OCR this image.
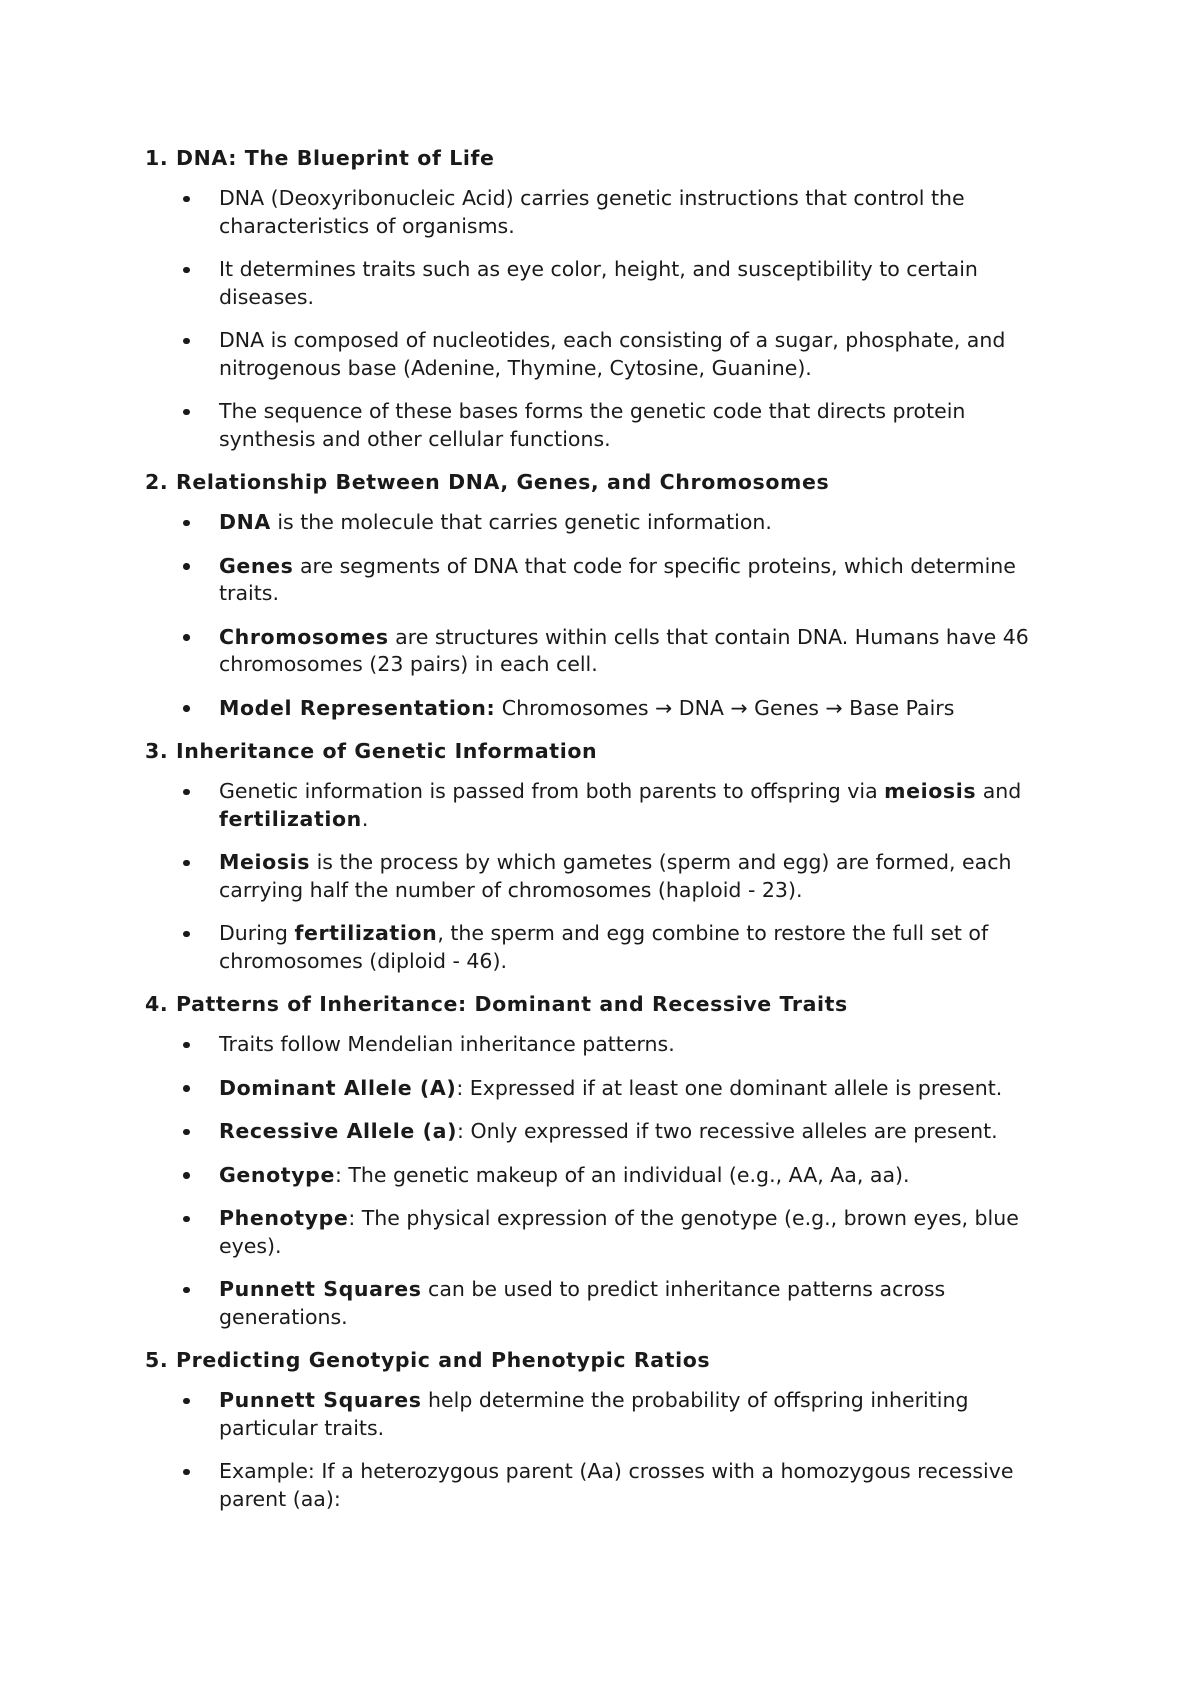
1. DNA: The Blueprint of Life
DNA (Deoxyribonucleic Acid) carries genetic instructions that control the characteristics of organisms.
It determines traits such as eye color, height, and susceptibility to certain diseases.
DNA is composed of nucleotides, each consisting of a sugar, phosphate, and nitrogenous base (Adenine, Thymine, Cytosine, Guanine).
The sequence of these bases forms the genetic code that directs protein synthesis and other cellular functions.
2. Relationship Between DNA, Genes, and Chromosomes
DNA is the molecule that carries genetic information.
Genes are segments of DNA that code for specific proteins, which determine traits.
Chromosomes are structures within cells that contain DNA. Humans have 46 chromosomes (23 pairs) in each cell.
Model Representation: Chromosomes → DNA → Genes → Base Pairs
3. Inheritance of Genetic Information
Genetic information is passed from both parents to offspring via meiosis and fertilization.
Meiosis is the process by which gametes (sperm and egg) are formed, each carrying half the number of chromosomes (haploid - 23).
During fertilization, the sperm and egg combine to restore the full set of chromosomes (diploid - 46).
4. Patterns of Inheritance: Dominant and Recessive Traits
Traits follow Mendelian inheritance patterns.
Dominant Allele (A): Expressed if at least one dominant allele is present.
Recessive Allele (a): Only expressed if two recessive alleles are present.
Genotype: The genetic makeup of an individual (e.g., AA, Aa, aa).
Phenotype: The physical expression of the genotype (e.g., brown eyes, blue eyes).
Punnett Squares can be used to predict inheritance patterns across generations.
5. Predicting Genotypic and Phenotypic Ratios
Punnett Squares help determine the probability of offspring inheriting particular traits.
Example: If a heterozygous parent (Aa) crosses with a homozygous recessive parent (aa):
